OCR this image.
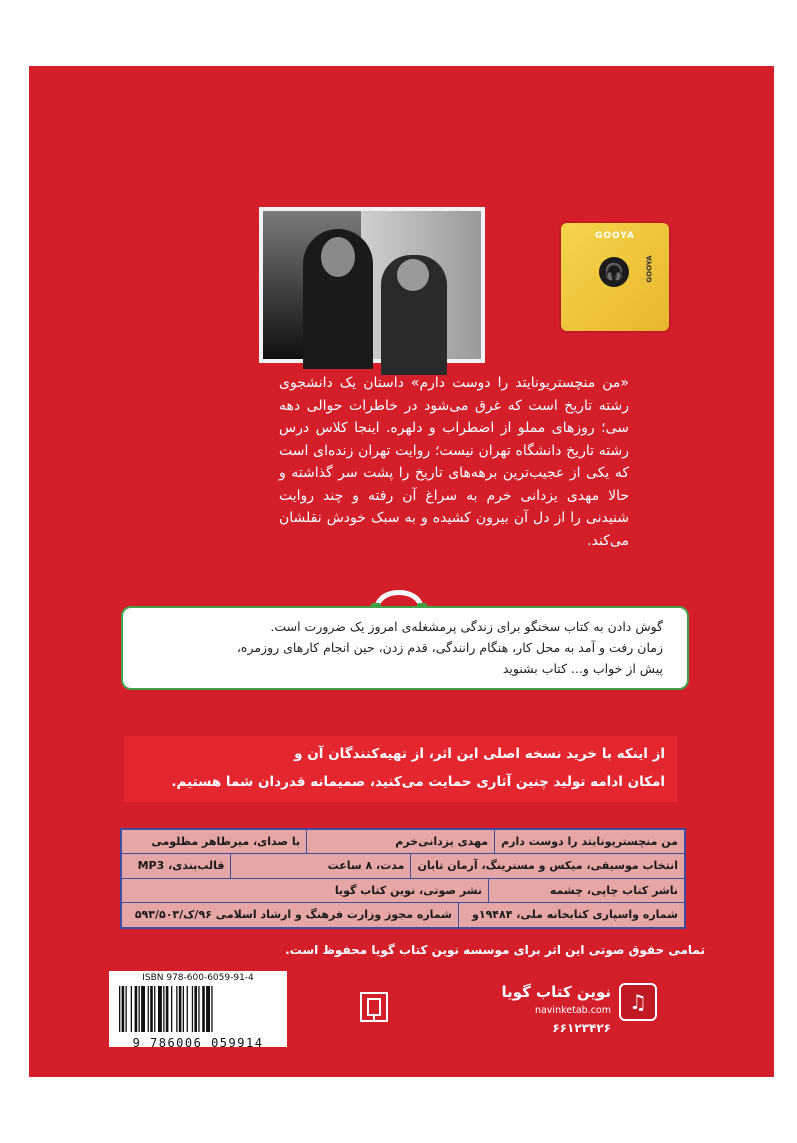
GOOYA
🎧	GOOYA

«من منچستریونایتد را دوست دارم» داستان یک دانشجوی رشته تاریخ است که غرق می‌شود در خاطرات حوالی دهه سی؛ روزهای مملو از اضطراب و دلهره. اینجا کلاس درس رشته تاریخ دانشگاه تهران نیست؛ روایت تهران زنده‌ای است که یکی از عجیب‌ترین برهه‌های تاریخ را پشت سر گذاشته و حالا مهدی یزدانی خرم به سراغ آن رفته و چند روایت شنیدنی را از دل آن بیرون کشیده و به سبک خودش نقلشان می‌کند.

گوش دادن به کتاب سخنگو برای زندگی پرمشغله‌ی امروز یک ضرورت است.
زمان رفت و آمد به محل کار، هنگام رانندگی، قدم زدن، حین انجام کارهای روزمره،
پیش از خواب و... کتاب بشنوید
از اینکه با خرید نسخه اصلی این اثر، از تهیه‌کنندگان آن و
امکان ادامه تولید چنین آثاری حمایت می‌کنید، صمیمانه قدردان شما هستیم.
من منچستریونایتد را دوست دارم
مهدی یزدانی‌خرم
با صدای، میرطاهر مظلومی
انتخاب موسیقی، میکس و مسترینگ، آرمان تابان
مدت، ۸ ساعت
قالب‌بندی، MP3
ناشر کتاب چاپی، چشمه
نشر صوتی، نوین کتاب گویا
شماره واسپاری کتابخانه ملی، ۱۹۴۸۴و
شماره مجوز وزارت فرهنگ و ارشاد اسلامی ۹۶/ک/۵۹۳/۵۰۳
تمامی حقوق صوتی این اثر برای موسسه نوین کتاب گویا محفوظ است.
ISBN 978-600-6059-91-4
9 786006 059914
♫
نوین کتاب گویا
navinketab.com
۶۶۱۲۳۴۲۶
